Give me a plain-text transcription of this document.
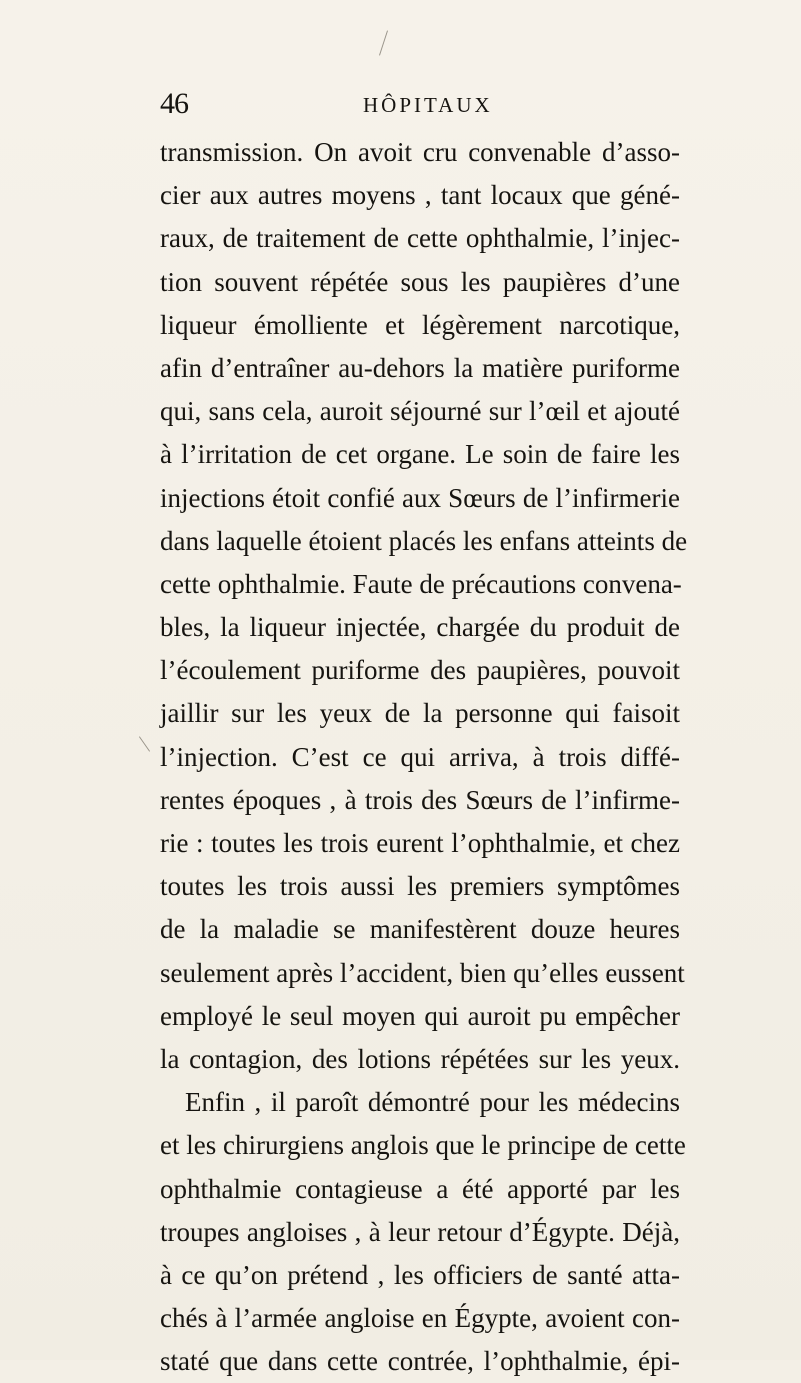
46	HÔPITAUX
transmission. On avoit cru convenable d’asso-
cier aux autres moyens , tant locaux que géné-
raux, de traitement de cette ophthalmie, l’injec-
tion souvent répétée sous les paupières d’une
liqueur émolliente et légèrement narcotique,
afin d’entraîner au-dehors la matière puriforme
qui, sans cela, auroit séjourné sur l’œil et ajouté
à l’irritation de cet organe. Le soin de faire les
injections étoit confié aux Sœurs de l’infirmerie
dans laquelle étoient placés les enfans atteints de
cette ophthalmie. Faute de précautions convena-
bles, la liqueur injectée, chargée du produit de
l’écoulement puriforme des paupières, pouvoit
jaillir sur les yeux de la personne qui faisoit
l’injection. C’est ce qui arriva, à trois diffé-
rentes époques , à trois des Sœurs de l’infirme-
rie : toutes les trois eurent l’ophthalmie, et chez
toutes les trois aussi les premiers symptômes
de la maladie se manifestèrent douze heures
seulement après l’accident, bien qu’elles eussent
employé le seul moyen qui auroit pu empêcher
la contagion, des lotions répétées sur les yeux.
Enfin , il paroît démontré pour les médecins
et les chirurgiens anglois que le principe de cette
ophthalmie contagieuse a été apporté par les
troupes angloises , à leur retour d’Égypte. Déjà,
à ce qu’on prétend , les officiers de santé atta-
chés à l’armée angloise en Égypte, avoient con-
staté que dans cette contrée, l’ophthalmie, épi-
